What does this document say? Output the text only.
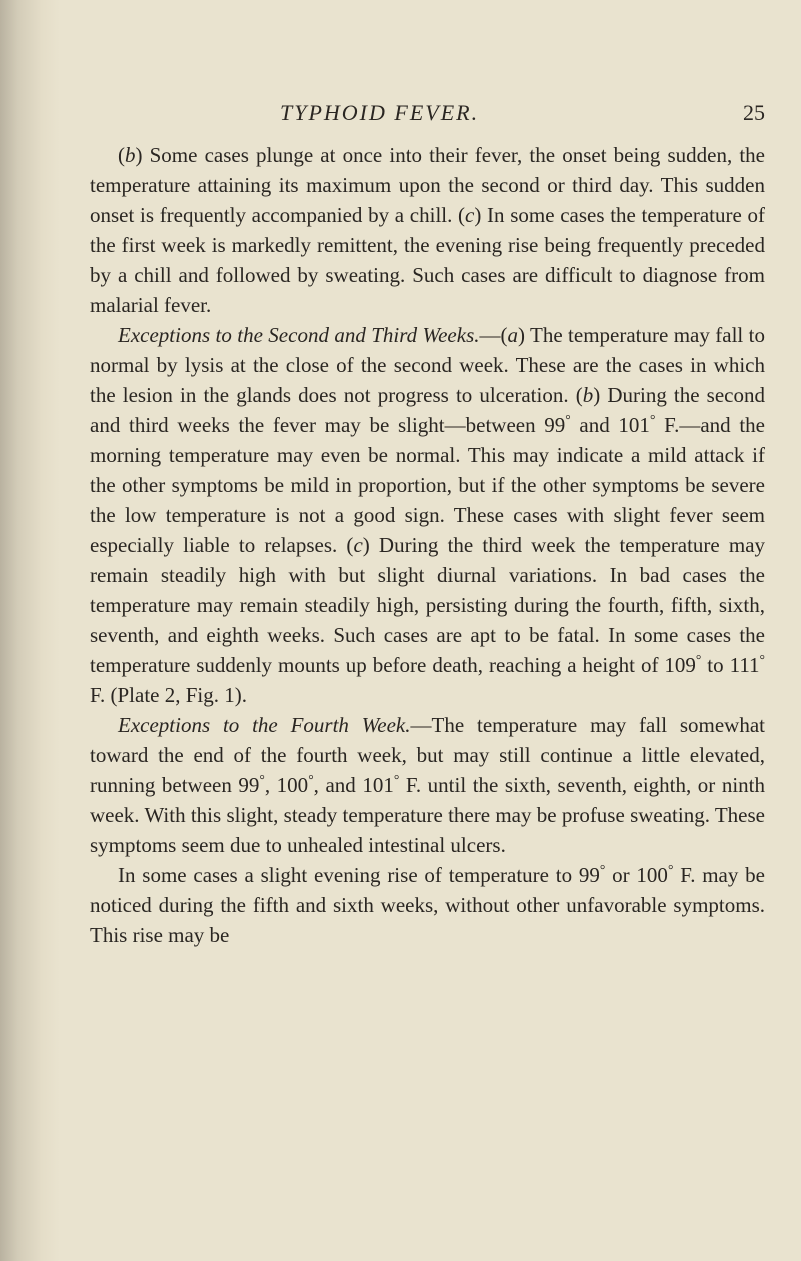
TYPHOID FEVER.	25

(b) Some cases plunge at once into their fever, the onset being sudden, the temperature attaining its maximum upon the second or third day. This sudden onset is frequently accompanied by a chill. (c) In some cases the temperature of the first week is markedly remittent, the evening rise being frequently preceded by a chill and followed by sweating. Such cases are difficult to diagnose from malarial fever.

Exceptions to the Second and Third Weeks.—(a) The temperature may fall to normal by lysis at the close of the second week. These are the cases in which the lesion in the glands does not progress to ulceration. (b) During the second and third weeks the fever may be slight—between 99° and 101° F.—and the morning temperature may even be normal. This may indicate a mild attack if the other symptoms be mild in proportion, but if the other symptoms be severe the low temperature is not a good sign. These cases with slight fever seem especially liable to relapses. (c) During the third week the temperature may remain steadily high with but slight diurnal variations. In bad cases the temperature may remain steadily high, persisting during the fourth, fifth, sixth, seventh, and eighth weeks. Such cases are apt to be fatal. In some cases the temperature suddenly mounts up before death, reaching a height of 109° to 111° F. (Plate 2, Fig. 1).

Exceptions to the Fourth Week.—The temperature may fall somewhat toward the end of the fourth week, but may still continue a little elevated, running between 99°, 100°, and 101° F. until the sixth, seventh, eighth, or ninth week. With this slight, steady temperature there may be profuse sweating. These symptoms seem due to unhealed intestinal ulcers.

In some cases a slight evening rise of temperature to 99° or 100° F. may be noticed during the fifth and sixth weeks, without other unfavorable symptoms. This rise may be
